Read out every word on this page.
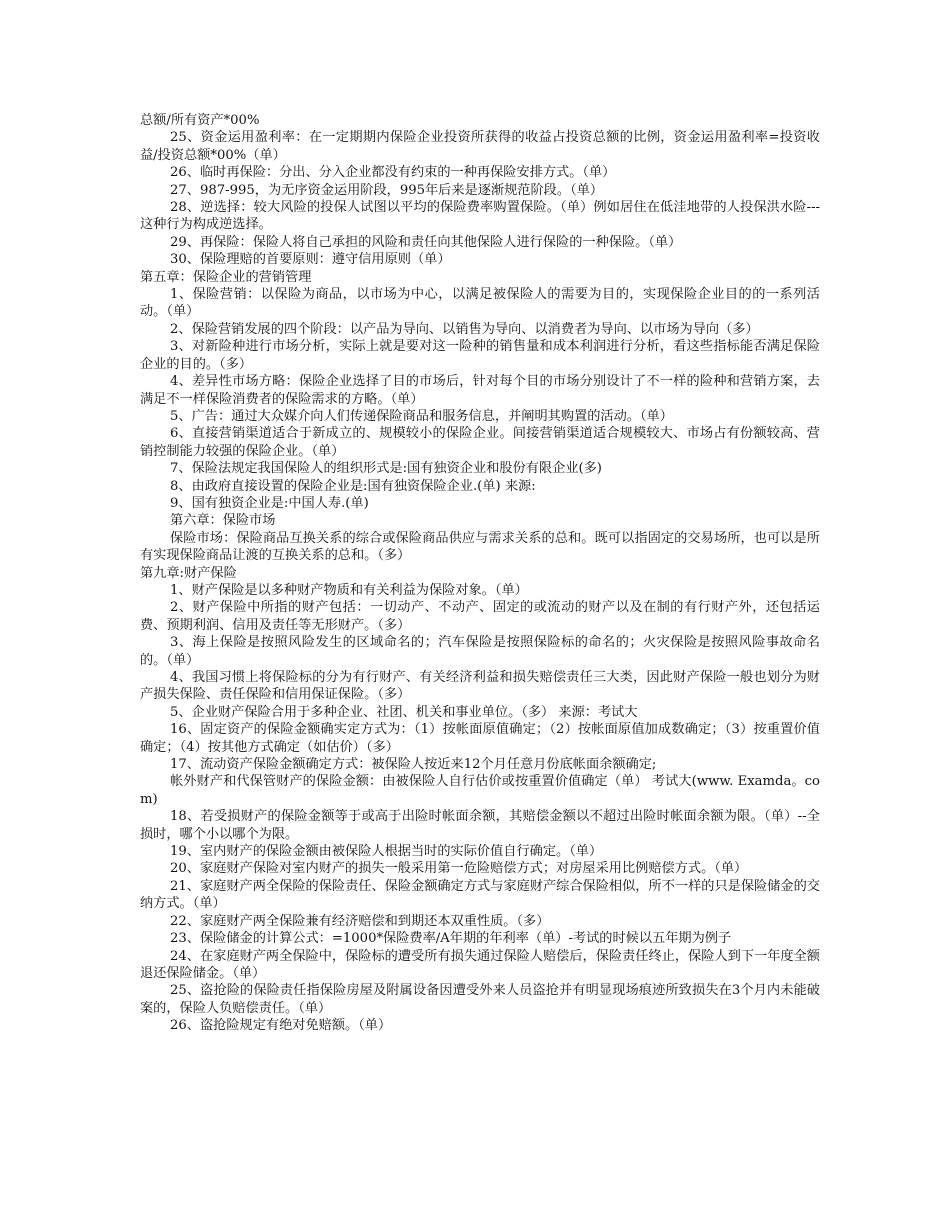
总额/所有资产*00%

25、资金运用盈利率：在一定期期内保险企业投资所获得的收益占投资总额的比例，资金运用盈利率=投资收益/投资总额*00%（单）

26、临时再保险：分出、分入企业都没有约束的一种再保险安排方式。（单）

27、987-995，为无序资金运用阶段，995年后来是逐渐规范阶段。（单）

28、逆选择：较大风险的投保人试图以平均的保险费率购置保险。（单）例如居住在低洼地带的人投保洪水险---这种行为构成逆选择。

29、再保险：保险人将自己承担的风险和责任向其他保险人进行保险的一种保险。（单）

30、保险理赔的首要原则：遵守信用原则（单）

第五章：保险企业的营销管理

1、保险营销：以保险为商品，以市场为中心，以满足被保险人的需要为目的，实现保险企业目的的一系列活动。（单）

2、保险营销发展的四个阶段：以产品为导向、以销售为导向、以消费者为导向、以市场为导向（多）

3、对新险种进行市场分析，实际上就是要对这一险种的销售量和成本利润进行分析，看这些指标能否满足保险企业的目的。（多）

4、差异性市场方略：保险企业选择了目的市场后，针对每个目的市场分别设计了不一样的险种和营销方案，去满足不一样保险消费者的保险需求的方略。（单）

5、广告：通过大众媒介向人们传递保险商品和服务信息，并阐明其购置的活动。（单）

6、直接营销渠道适合于新成立的、规模较小的保险企业。间接营销渠道适合规模较大、市场占有份额较高、营销控制能力较强的保险企业。（单）

7、保险法规定我国保险人的组织形式是:国有独资企业和股份有限企业(多)

8、由政府直接设置的保险企业是:国有独资保险企业.(单) 来源:

9、国有独资企业是:中国人寿.(单)

第六章：保险市场

保险市场：保险商品互换关系的综合或保险商品供应与需求关系的总和。既可以指固定的交易场所，也可以是所有实现保险商品让渡的互换关系的总和。（多）

第九章:财产保险

1、财产保险是以多种财产物质和有关利益为保险对象。（单）

2、财产保险中所指的财产包括：一切动产、不动产、固定的或流动的财产以及在制的有行财产外，还包括运费、预期利润、信用及责任等无形财产。（多）

3、海上保险是按照风险发生的区域命名的；汽车保险是按照保险标的命名的；火灾保险是按照风险事故命名的。（单）

4、我国习惯上将保险标的分为有行财产、有关经济利益和损失赔偿责任三大类，因此财产保险一般也划分为财产损失保险、责任保险和信用保证保险。（多）

5、企业财产保险合用于多种企业、社团、机关和事业单位。（多） 来源：考试大

16、固定资产的保险金额确实定方式为：（1）按帐面原值确定；（2）按帐面原值加成数确定；（3）按重置价值确定；（4）按其他方式确定（如估价）（多）

17、流动资产保险金额确定方式：被保险人按近来12个月任意月份底帐面余额确定;

帐外财产和代保管财产的保险金额：由被保险人自行估价或按重置价值确定（单） 考试大(www. Examda。com)

18、若受损财产的保险金额等于或高于出险时帐面余额，其赔偿金额以不超过出险时帐面余额为限。（单）--全损时，哪个小以哪个为限。

19、室内财产的保险金额由被保险人根据当时的实际价值自行确定。（单）

20、家庭财产保险对室内财产的损失一般采用第一危险赔偿方式；对房屋采用比例赔偿方式。（单）

21、家庭财产两全保险的保险责任、保险金额确定方式与家庭财产综合保险相似，所不一样的只是保险储金的交纳方式。（单）

22、家庭财产两全保险兼有经济赔偿和到期还本双重性质。（多）

23、保险储金的计算公式：=1000*保险费率/A年期的年利率（单）-考试的时候以五年期为例子

24、在家庭财产两全保险中，保险标的遭受所有损失通过保险人赔偿后，保险责任终止，保险人到下一年度全额退还保险储金。（单）

25、盗抢险的保险责任指保险房屋及附属设备因遭受外来人员盗抢并有明显现场痕迹所致损失在3个月内未能破案的，保险人负赔偿责任。（单）

26、盗抢险规定有绝对免赔额。（单）
